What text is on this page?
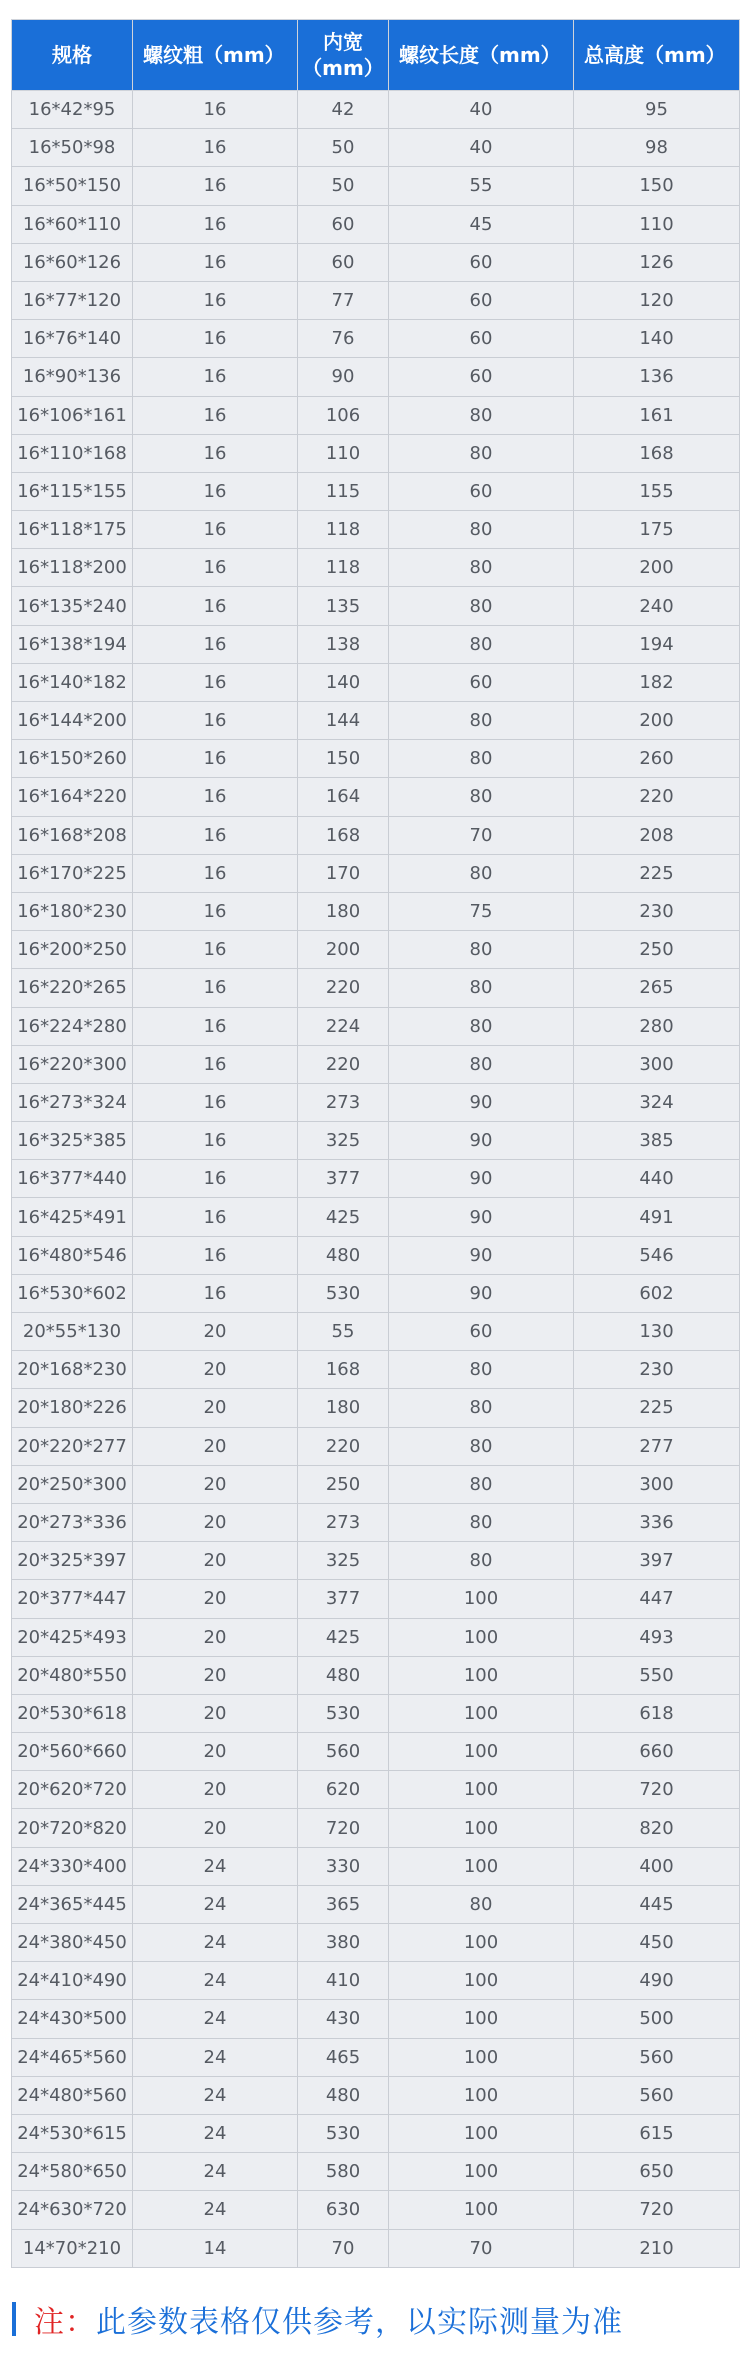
规格	螺纹粗（mm）	内宽（mm）	螺纹长度（mm）	总高度（mm）
16*42*95	16	42	40	95
16*50*98	16	50	40	98
16*50*150	16	50	55	150
16*60*110	16	60	45	110
16*60*126	16	60	60	126
16*77*120	16	77	60	120
16*76*140	16	76	60	140
16*90*136	16	90	60	136
16*106*161	16	106	80	161
16*110*168	16	110	80	168
16*115*155	16	115	60	155
16*118*175	16	118	80	175
16*118*200	16	118	80	200
16*135*240	16	135	80	240
16*138*194	16	138	80	194
16*140*182	16	140	60	182
16*144*200	16	144	80	200
16*150*260	16	150	80	260
16*164*220	16	164	80	220
16*168*208	16	168	70	208
16*170*225	16	170	80	225
16*180*230	16	180	75	230
16*200*250	16	200	80	250
16*220*265	16	220	80	265
16*224*280	16	224	80	280
16*220*300	16	220	80	300
16*273*324	16	273	90	324
16*325*385	16	325	90	385
16*377*440	16	377	90	440
16*425*491	16	425	90	491
16*480*546	16	480	90	546
16*530*602	16	530	90	602
20*55*130	20	55	60	130
20*168*230	20	168	80	230
20*180*226	20	180	80	225
20*220*277	20	220	80	277
20*250*300	20	250	80	300
20*273*336	20	273	80	336
20*325*397	20	325	80	397
20*377*447	20	377	100	447
20*425*493	20	425	100	493
20*480*550	20	480	100	550
20*530*618	20	530	100	618
20*560*660	20	560	100	660
20*620*720	20	620	100	720
20*720*820	20	720	100	820
24*330*400	24	330	100	400
24*365*445	24	365	80	445
24*380*450	24	380	100	450
24*410*490	24	410	100	490
24*430*500	24	430	100	500
24*465*560	24	465	100	560
24*480*560	24	480	100	560
24*530*615	24	530	100	615
24*580*650	24	580	100	650
24*630*720	24	630	100	720
14*70*210	14	70	70	210
注： 此参数表格仅供参考，以实际测量为准
